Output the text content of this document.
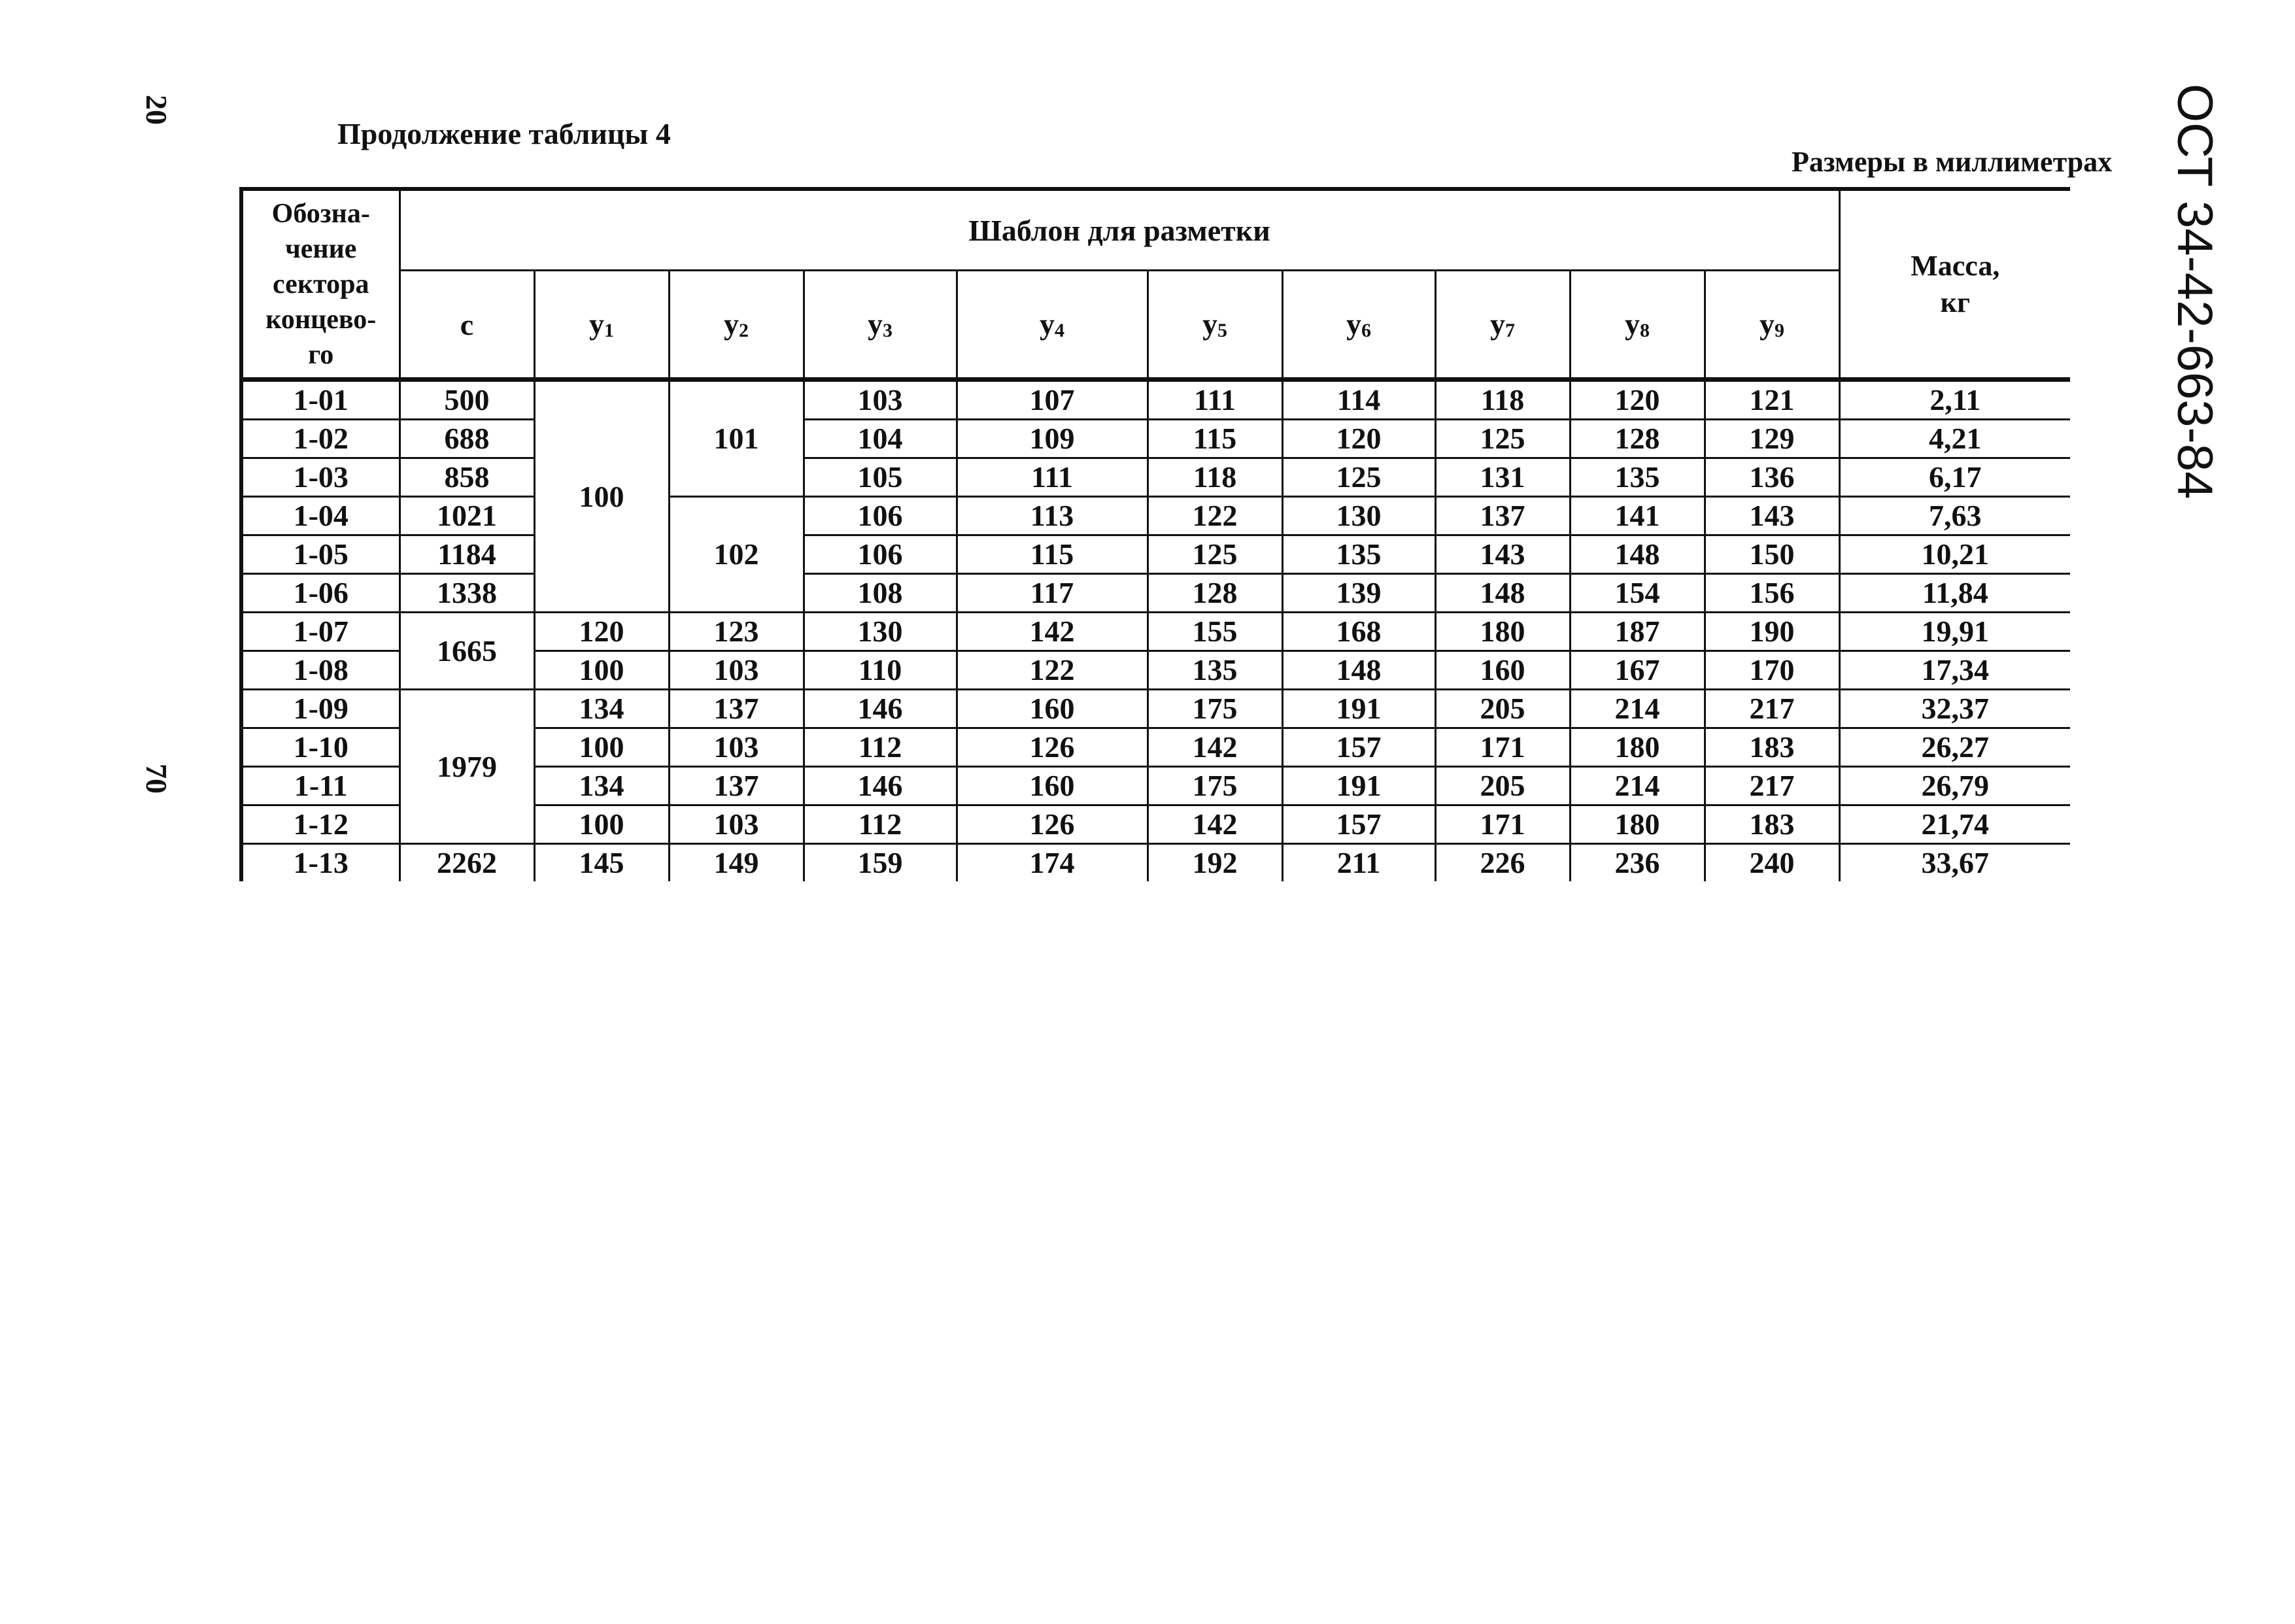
20
70
ОСТ 34-42-663-84
Продолжение таблицы 4
Размеры в миллиметрах
Обозна-
чение
сектора
концево-
го	Шаблон для разметки										Масса,
кг
	с	у1	у2	у3	у4	у5	у6	у7	у8	у9	
1-01	500	100	101	103	107	111	114	118	120	121	2,11
1-02	688			104	109	115	120	125	128	129	4,21
1-03	858			105	111	118	125	131	135	136	6,17
1-04	1021		102	106	113	122	130	137	141	143	7,63
1-05	1184			106	115	125	135	143	148	150	10,21
1-06	1338			108	117	128	139	148	154	156	11,84
1-07	1665	120	123	130	142	155	168	180	187	190	19,91
1-08		100	103	110	122	135	148	160	167	170	17,34
1-09	1979	134	137	146	160	175	191	205	214	217	32,37
1-10		100	103	112	126	142	157	171	180	183	26,27
1-11		134	137	146	160	175	191	205	214	217	26,79
1-12		100	103	112	126	142	157	171	180	183	21,74
1-13	2262	145	149	159	174	192	211	226	236	240	33,67
